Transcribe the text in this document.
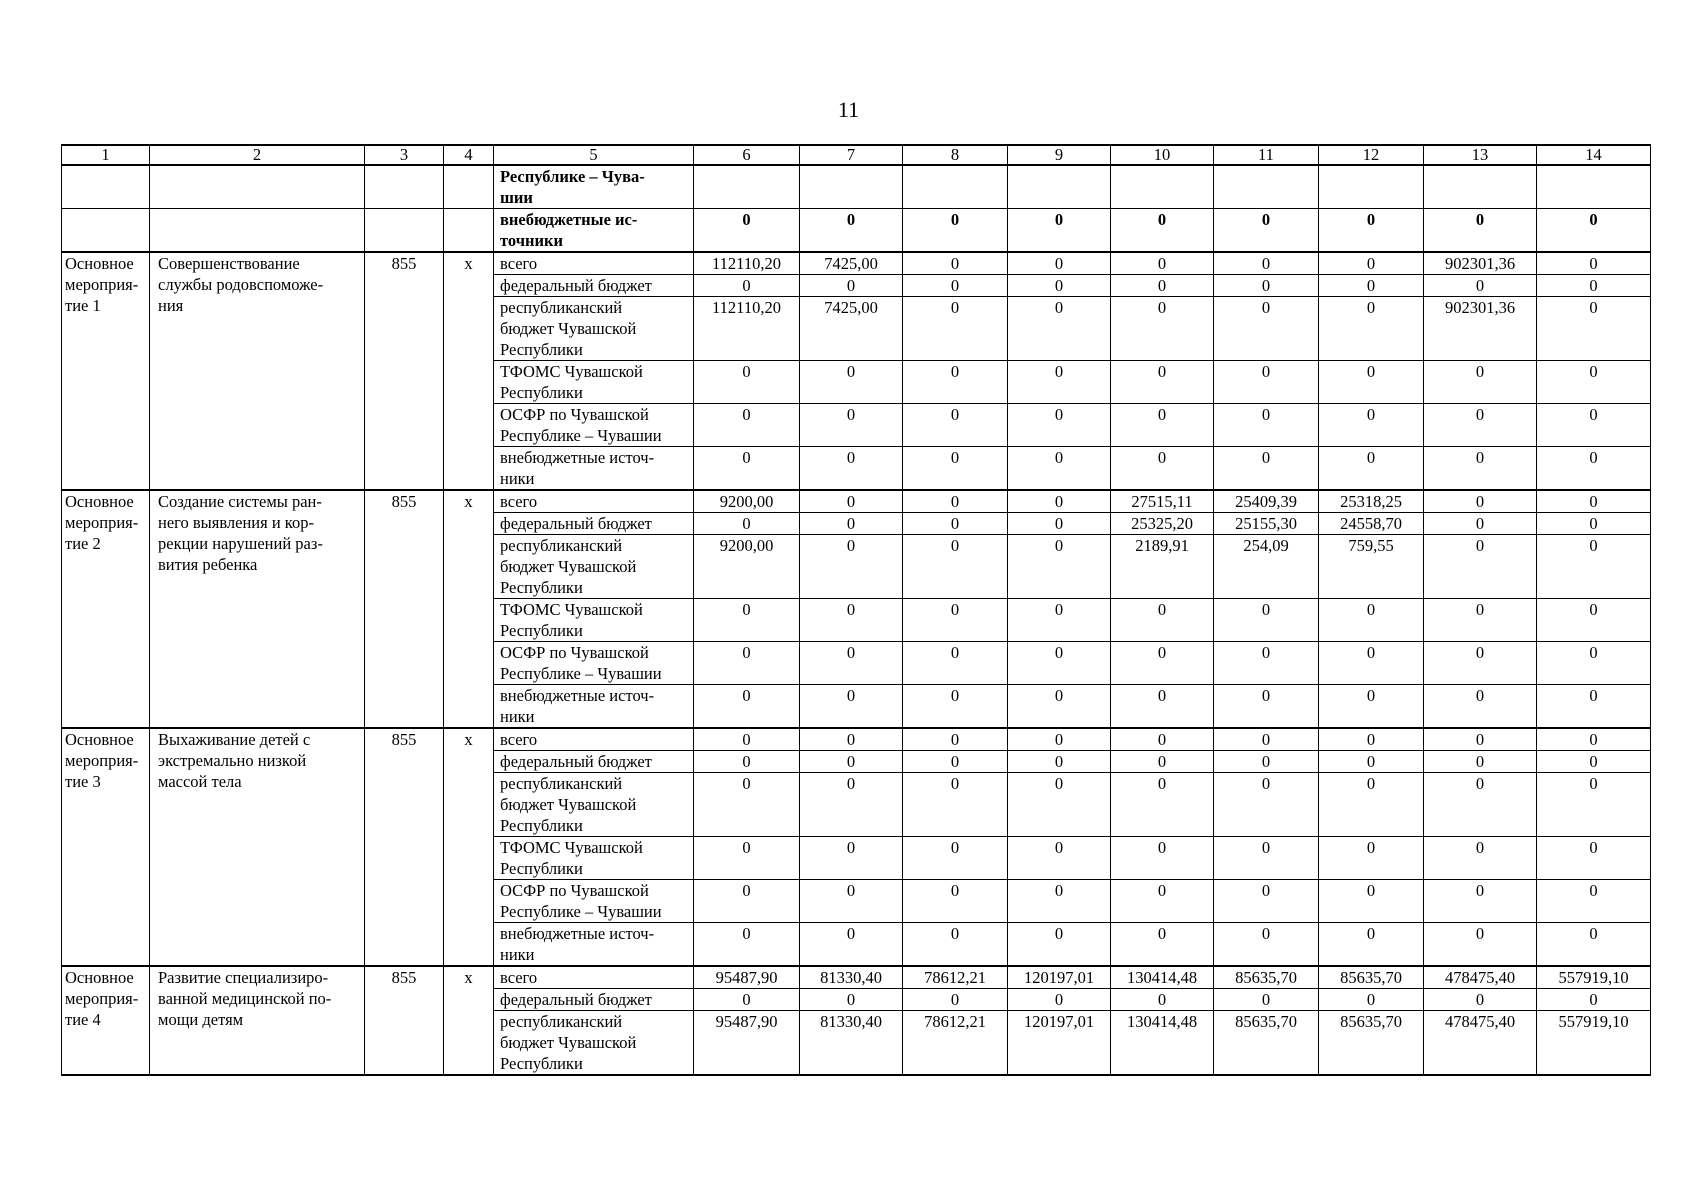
11
1	2	3	4	5	6	7	8	9	10	11	12	13	14
				Республике – Чува-
шии									
				внебюджетные ис-
точники	0	0	0	0	0	0	0	0	0
Основное
мероприя-
тие 1	Совершенствование
службы родовспоможе-
ния	855	x	всего	112110,20	7425,00	0	0	0	0	0	902301,36	0
				федеральный бюджет	0	0	0	0	0	0	0	0	0
				республиканский
бюджет Чувашской
Республики	112110,20	7425,00	0	0	0	0	0	902301,36	0
				ТФОМС Чувашской
Республики	0	0	0	0	0	0	0	0	0
				ОСФР по Чувашской
Республике – Чувашии	0	0	0	0	0	0	0	0	0
				внебюджетные источ-
ники	0	0	0	0	0	0	0	0	0
Основное
мероприя-
тие 2	Создание системы ран-
него выявления и кор-
рекции нарушений раз-
вития ребенка	855	x	всего	9200,00	0	0	0	27515,11	25409,39	25318,25	0	0
				федеральный бюджет	0	0	0	0	25325,20	25155,30	24558,70	0	0
				республиканский
бюджет Чувашской
Республики	9200,00	0	0	0	2189,91	254,09	759,55	0	0
				ТФОМС Чувашской
Республики	0	0	0	0	0	0	0	0	0
				ОСФР по Чувашской
Республике – Чувашии	0	0	0	0	0	0	0	0	0
				внебюджетные источ-
ники	0	0	0	0	0	0	0	0	0
Основное
мероприя-
тие 3	Выхаживание детей с
экстремально низкой
массой тела	855	x	всего	0	0	0	0	0	0	0	0	0
				федеральный бюджет	0	0	0	0	0	0	0	0	0
				республиканский
бюджет Чувашской
Республики	0	0	0	0	0	0	0	0	0
				ТФОМС Чувашской
Республики	0	0	0	0	0	0	0	0	0
				ОСФР по Чувашской
Республике – Чувашии	0	0	0	0	0	0	0	0	0
				внебюджетные источ-
ники	0	0	0	0	0	0	0	0	0
Основное
мероприя-
тие 4	Развитие специализиро-
ванной медицинской по-
мощи детям	855	x	всего	95487,90	81330,40	78612,21	120197,01	130414,48	85635,70	85635,70	478475,40	557919,10
				федеральный бюджет	0	0	0	0	0	0	0	0	0
				республиканский
бюджет Чувашской
Республики	95487,90	81330,40	78612,21	120197,01	130414,48	85635,70	85635,70	478475,40	557919,10
